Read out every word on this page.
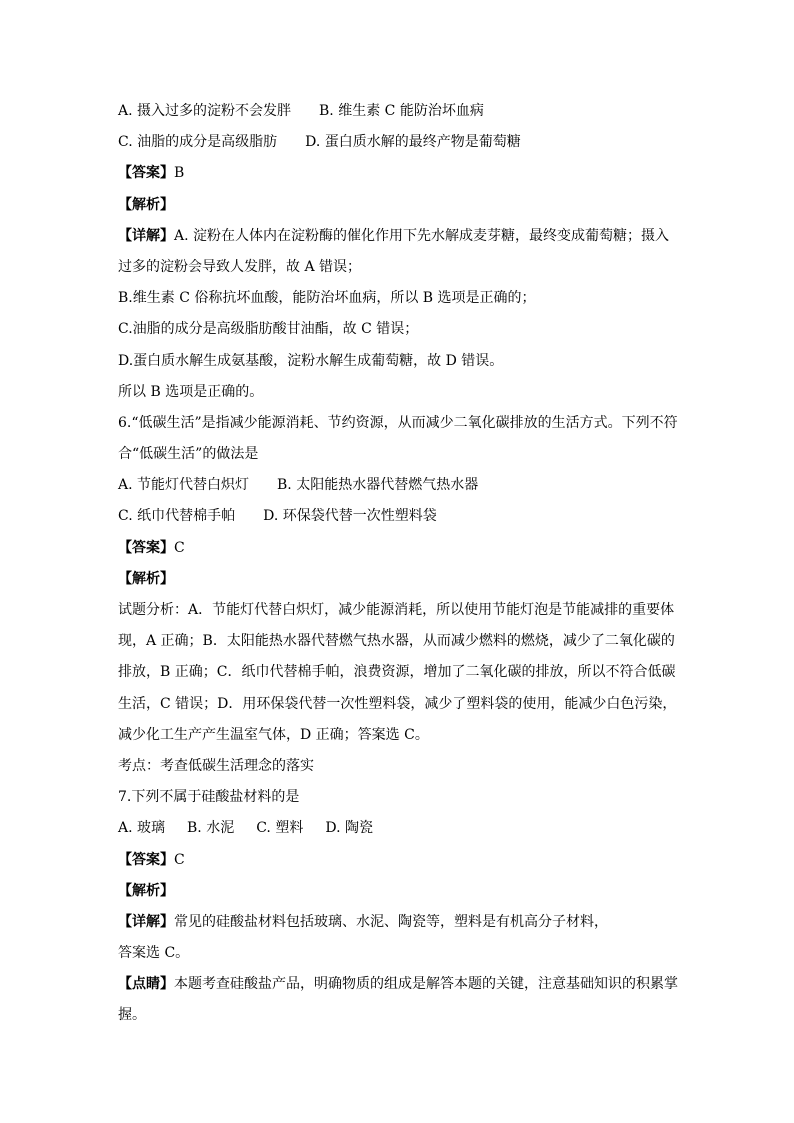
A. 摄入过多的淀粉不会发胖 B. 维生素 C 能防治坏血病
C. 油脂的成分是高级脂肪 D. 蛋白质水解的最终产物是葡萄糖
【答案】B
【解析】
【详解】A. 淀粉在人体内在淀粉酶的催化作用下先水解成麦芽糖，最终变成葡萄糖；摄入
过多的淀粉会导致人发胖，故 A 错误；
B.维生素 C 俗称抗坏血酸，能防治坏血病，所以 B 选项是正确的；
C.油脂的成分是高级脂肪酸甘油酯，故 C 错误；
D.蛋白质水解生成氨基酸，淀粉水解生成葡萄糖，故 D 错误。
所以 B 选项是正确的。
6.“低碳生活”是指减少能源消耗、节约资源，从而减少二氧化碳排放的生活方式。下列不符
合“低碳生活”的做法是
A. 节能灯代替白炽灯 B. 太阳能热水器代替燃气热水器
C. 纸巾代替棉手帕 D. 环保袋代替一次性塑料袋
【答案】C
【解析】
试题分析：A．节能灯代替白炽灯，减少能源消耗，所以使用节能灯泡是节能减排的重要体
现，A 正确；B．太阳能热水器代替燃气热水器，从而减少燃料的燃烧，减少了二氧化碳的
排放，B 正确；C．纸巾代替棉手帕，浪费资源，增加了二氧化碳的排放，所以不符合低碳
生活，C 错误；D．用环保袋代替一次性塑料袋，减少了塑料袋的使用，能减少白色污染，
减少化工生产产生温室气体，D 正确；答案选 C。
考点：考查低碳生活理念的落实
7.下列不属于硅酸盐材料的是
A. 玻璃 B. 水泥 C. 塑料 D. 陶瓷
【答案】C
【解析】
【详解】常见的硅酸盐材料包括玻璃、水泥、陶瓷等，塑料是有机高分子材料，
答案选 C。
【点睛】本题考查硅酸盐产品，明确物质的组成是解答本题的关键，注意基础知识的积累掌
握。
